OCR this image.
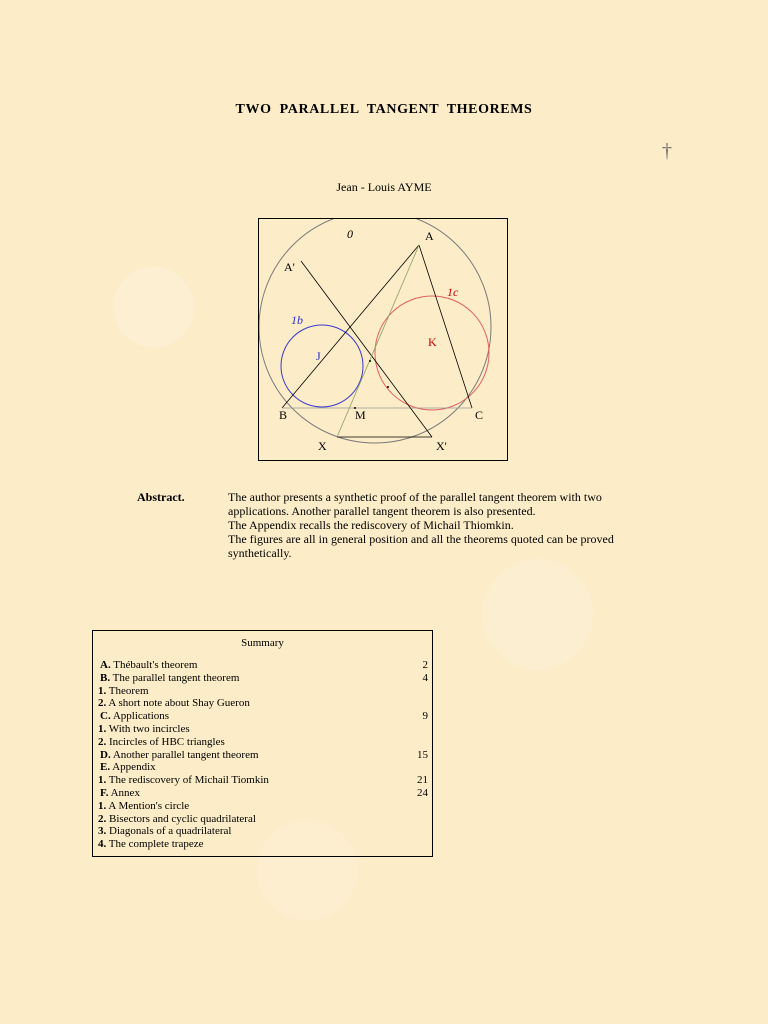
TWO PARALLEL TANGENT THEOREMS
†
Jean - Louis AYME
0	A
A'
1c
1b
K
J
B	M	C
X	X'
Abstract.	The author presents a synthetic proof of the parallel tangent theorem with two
applications. Another parallel tangent theorem is also presented.
The Appendix recalls the rediscovery of Michail Thiomkin.
The figures are all in general position and all the theorems quoted can be proved
synthetically.
Summary
A. Thébault's theorem	2
B. The parallel tangent theorem	4
1. Theorem
2. A short note about Shay Gueron
C. Applications	9
1. With two incircles
2. Incircles of HBC triangles
D. Another parallel tangent theorem	15
E. Appendix
1. The rediscovery of Michail Tiomkin	21
F. Annex	24
1. A Mention's circle
2. Bisectors and cyclic quadrilateral
3. Diagonals of a quadrilateral
4. The complete trapeze
